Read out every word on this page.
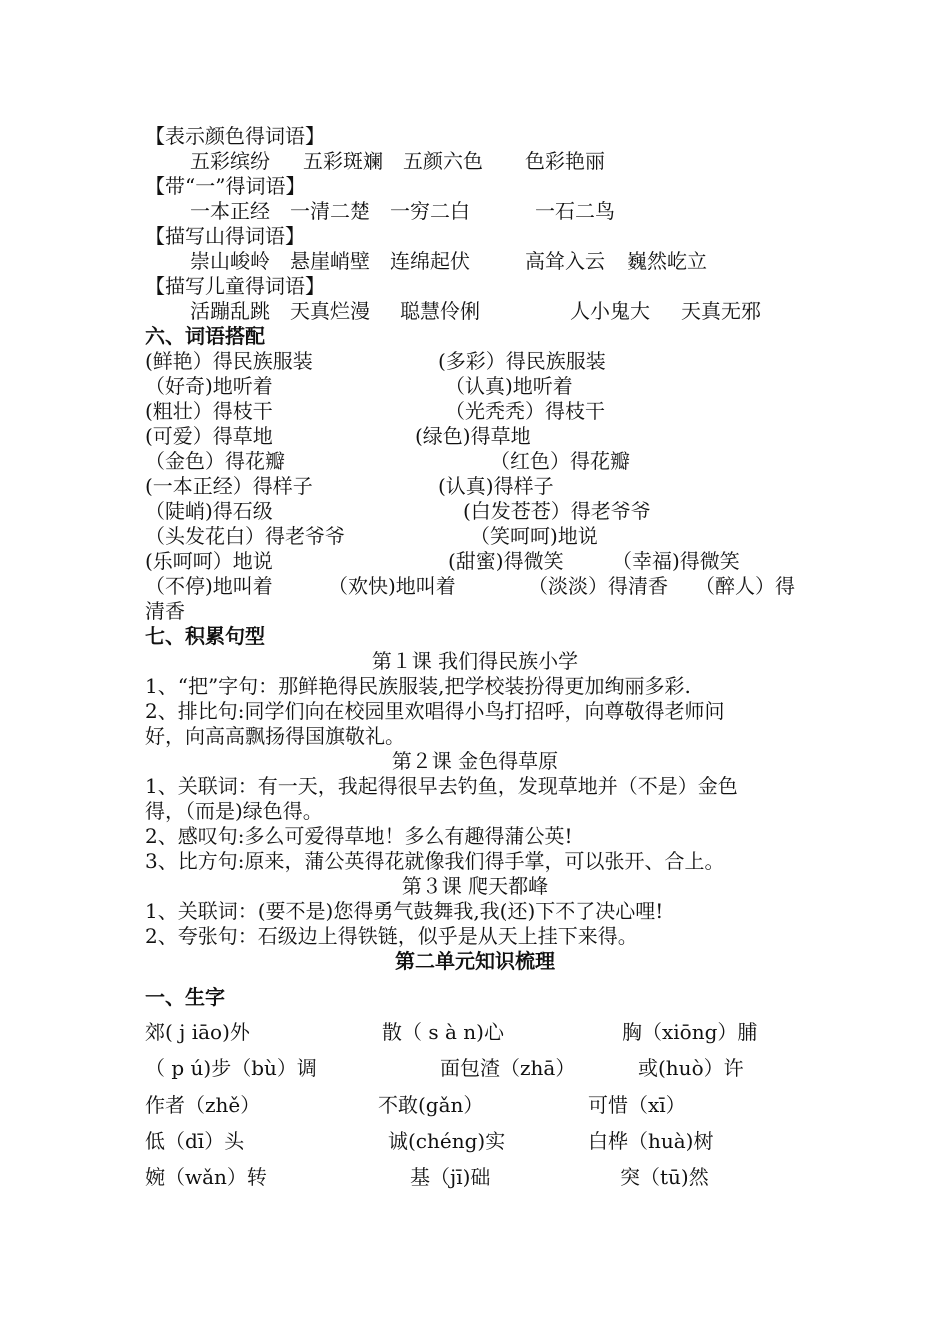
【表示颜色得词语】
五彩缤纷 五彩斑斓 五颜六色 色彩艳丽
【带“一”得词语】
一本正经 一清二楚 一穷二白	一石二鸟
【描写山得词语】
崇山峻岭 悬崖峭壁 连绵起伏	高耸入云 巍然屹立
【描写儿童得词语】
活蹦乱跳 天真烂漫 聪慧伶俐	人小鬼大 天真无邪
六、词语搭配
(鲜艳）得民族服装	(多彩）得民族服装
（好奇)地听着	（认真)地听着
(粗壮）得枝干	（光秃秃）得枝干
(可爱）得草地	(绿色)得草地
（金色）得花瓣	（红色）得花瓣
(一本正经）得样子	(认真)得样子
（陡峭)得石级	(白发苍苍）得老爷爷
（头发花白）得老爷爷	（笑呵呵)地说
(乐呵呵）地说	(甜蜜)得微笑 （幸福)得微笑
（不停)地叫着	（欢快)地叫着	（淡淡）得清香 （醉人）得
清香
七、积累句型
第１课 我们得民族小学
1、“把”字句：那鲜艳得民族服装,把学校装扮得更加绚丽多彩.
2、排比句:同学们向在校园里欢唱得小鸟打招呼，向尊敬得老师问
好，向高高飘扬得国旗敬礼。
第２课 金色得草原
1、关联词：有一天，我起得很早去钓鱼，发现草地并（不是）金色
得，（而是)绿色得。
2、感叹句:多么可爱得草地！多么有趣得蒲公英!
3、比方句:原来，蒲公英得花就像我们得手掌，可以张开、合上。
第３课 爬天都峰
1、关联词：(要不是)您得勇气鼓舞我,我(还)下不了决心哩!
2、夸张句：石级边上得铁链，似乎是从天上挂下来得。
第二单元知识梳理
一、生字
郊( j iāo)外	散（ s à n)心	胸（xiōng）脯
（ p ú)步（bù）调	面包渣（zhā）	或(huò）许
作者（zhě）	不敢(gǎn）	可惜（xī）
低（dī）头	诚(chéng)实	白桦（huà)树
婉（wǎn）转	基（jī)础	突（tū)然
